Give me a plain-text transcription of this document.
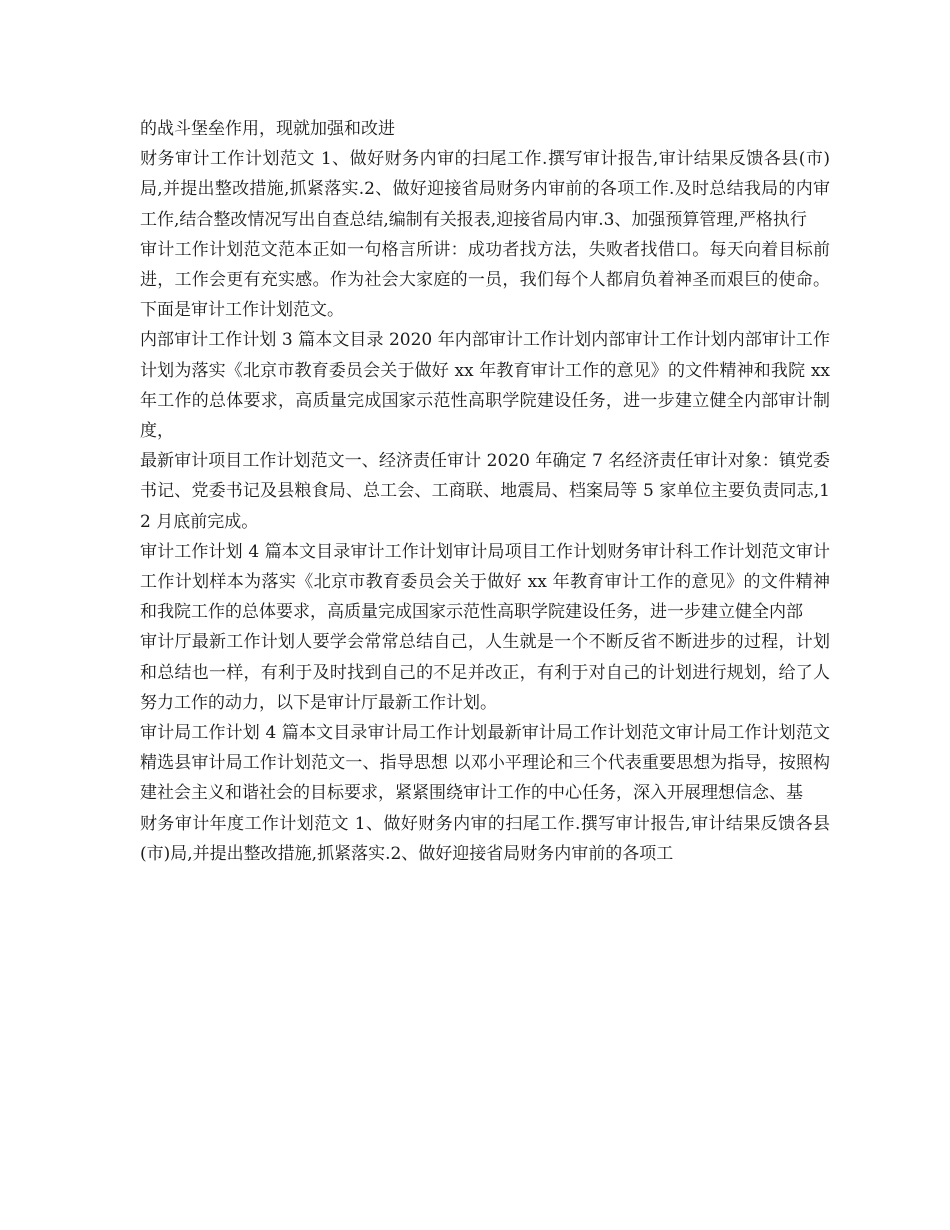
的战斗堡垒作用，现就加强和改进

财务审计工作计划范文 1、做好财务内审的扫尾工作.撰写审计报告,审计结果反馈各县(市)局,并提出整改措施,抓紧落实.2、做好迎接省局财务内审前的各项工作.及时总结我局的内审工作,结合整改情况写出自查总结,编制有关报表,迎接省局内审.3、加强预算管理,严格执行

审计工作计划范文范本正如一句格言所讲：成功者找方法，失败者找借口。每天向着目标前进，工作会更有充实感。作为社会大家庭的一员，我们每个人都肩负着神圣而艰巨的使命。下面是审计工作计划范文。

内部审计工作计划 3 篇本文目录 2020 年内部审计工作计划内部审计工作计划内部审计工作计划为落实《北京市教育委员会关于做好 xx 年教育审计工作的意见》的文件精神和我院 xx 年工作的总体要求，高质量完成国家示范性高职学院建设任务，进一步建立健全内部审计制度，

最新审计项目工作计划范文一、经济责任审计 2020 年确定 7 名经济责任审计对象：镇党委书记、党委书记及县粮食局、总工会、工商联、地震局、档案局等 5 家单位主要负责同志,12 月底前完成。

审计工作计划 4 篇本文目录审计工作计划审计局项目工作计划财务审计科工作计划范文审计工作计划样本为落实《北京市教育委员会关于做好 xx 年教育审计工作的意见》的文件精神和我院工作的总体要求，高质量完成国家示范性高职学院建设任务，进一步建立健全内部

审计厅最新工作计划人要学会常常总结自己，人生就是一个不断反省不断进步的过程，计划和总结也一样，有利于及时找到自己的不足并改正，有利于对自己的计划进行规划，给了人努力工作的动力，以下是审计厅最新工作计划。

审计局工作计划 4 篇本文目录审计局工作计划最新审计局工作计划范文审计局工作计划范文精选县审计局工作计划范文一、指导思想 以邓小平理论和三个代表重要思想为指导，按照构建社会主义和谐社会的目标要求，紧紧围绕审计工作的中心任务，深入开展理想信念、基

财务审计年度工作计划范文 1、做好财务内审的扫尾工作.撰写审计报告,审计结果反馈各县(市)局,并提出整改措施,抓紧落实.2、做好迎接省局财务内审前的各项工
